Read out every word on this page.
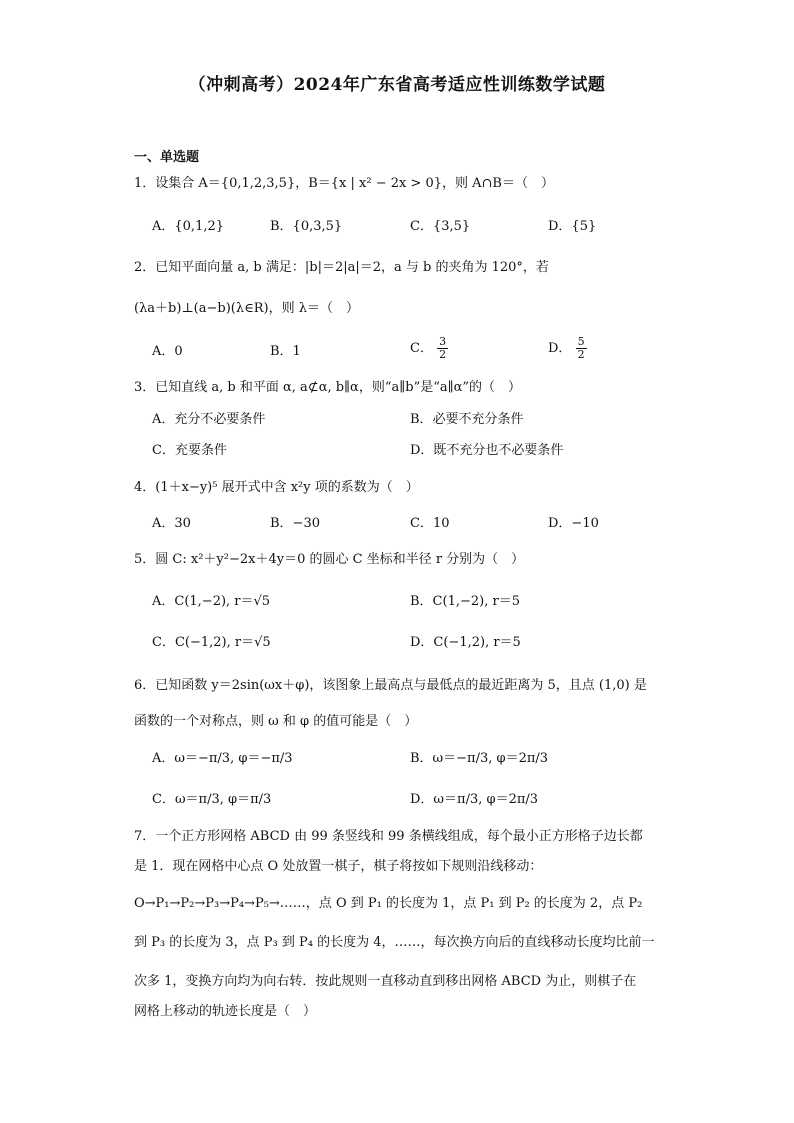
（冲刺高考）2024年广东省高考适应性训练数学试题
一、单选题
1．设集合 A＝{0,1,2,3,5}，B＝{x | x² − 2x > 0}，则 A∩B＝（　）
A．{0,1,2}	B．{0,3,5}	C．{3,5}	D．{5}
2．已知平面向量 a, b 满足：|b|＝2|a|＝2，a 与 b 的夹角为 120°，若
(λa＋b)⊥(a−b)(λ∈R)，则 λ＝（　）
A．0	B．1	C． $\frac{3}{2}$	D． $\frac{5}{2}$
3．已知直线 a, b 和平面 α, a⊄α, b∥α，则“a∥b”是“a∥α”的（　）
A．充分不必要条件	B．必要不充分条件
C．充要条件	D．既不充分也不必要条件
4．(1＋x−y)⁵ 展开式中含 x²y 项的系数为（　）
A．30	B．−30	C．10	D．−10
5．圆 C: x²＋y²−2x＋4y＝0 的圆心 C 坐标和半径 r 分别为（　）
A．C(1,−2), r＝√5	B．C(1,−2), r＝5
C．C(−1,2), r＝√5	D．C(−1,2), r＝5
6．已知函数 y＝2sin(ωx＋φ)，该图象上最高点与最低点的最近距离为 5，且点 (1,0) 是
函数的一个对称点，则 ω 和 φ 的值可能是（　）
A．ω＝−π/3, φ＝−π/3	B．ω＝−π/3, φ＝2π/3
C．ω＝π/3, φ＝π/3	D．ω＝π/3, φ＝2π/3
7．一个正方形网格 ABCD 由 99 条竖线和 99 条横线组成，每个最小正方形格子边长都
是 1．现在网格中心点 O 处放置一棋子，棋子将按如下规则沿线移动：
O→P₁→P₂→P₃→P₄→P₅→……，点 O 到 P₁ 的长度为 1，点 P₁ 到 P₂ 的长度为 2，点 P₂
到 P₃ 的长度为 3，点 P₃ 到 P₄ 的长度为 4，……，每次换方向后的直线移动长度均比前一
次多 1，变换方向均为向右转．按此规则一直移动直到移出网格 ABCD 为止，则棋子在
网格上移动的轨迹长度是（　）
